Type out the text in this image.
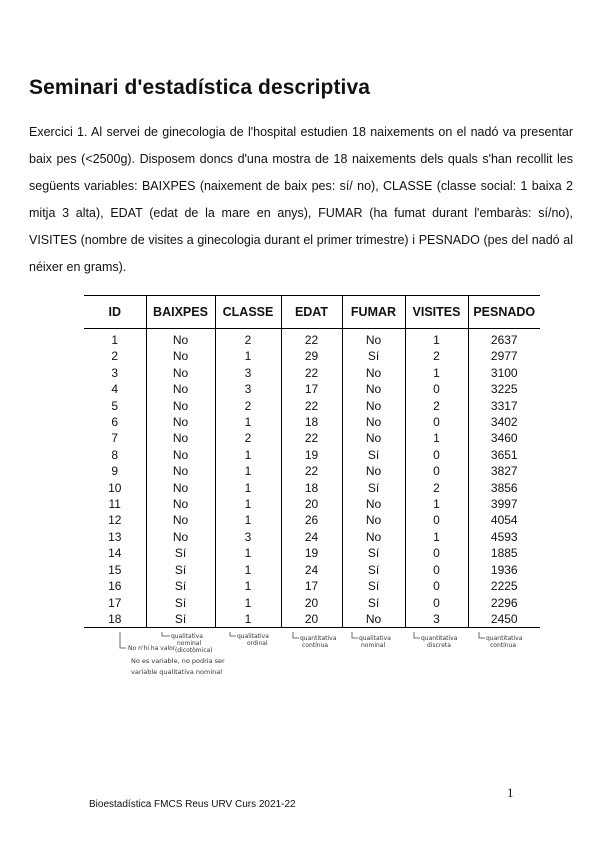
Seminari d'estadística descriptiva

Exercici 1. Al servei de ginecologia de l'hospital estudien 18 naixements on el nadó va presentar baix pes (<2500g). Disposem doncs d'una mostra de 18 naixements dels quals s'han recollit les següents variables: BAIXPES (naixement de baix pes: sí/ no), CLASSE (classe social: 1 baixa 2 mitja 3 alta), EDAT (edat de la mare en anys), FUMAR (ha fumat durant l'embaràs: sí/no), VISITES (nombre de visites a ginecologia durant el primer trimestre) i PESNADO (pes del nadó al néixer en grams).

ID	BAIXPES	CLASSE	EDAT	FUMAR	VISITES	PESNADO
1	No	2	22	No	1	2637
2	No	1	29	Sí	2	2977
3	No	3	22	No	1	3100
4	No	3	17	No	0	3225
5	No	2	22	No	2	3317
6	No	1	18	No	0	3402
7	No	2	22	No	1	3460
8	No	1	19	Sí	0	3651
9	No	1	22	No	0	3827
10	No	1	18	Sí	2	3856
11	No	1	20	No	1	3997
12	No	1	26	No	0	4054
13	No	3	24	No	1	4593
14	Sí	1	19	Sí	0	1885
15	Sí	1	24	Sí	0	1936
16	Sí	1	17	Sí	0	2225
17	Sí	1	20	Sí	0	2296
18	Sí	1	20	No	3	2450
No n'hi ha valor
qualitativa
nominal
(dicotòmica)
qualitativa
ordinal
quantitativa
contínua
qualitativa
nominal
quantitativa
discreta
quantitativa
contínua
No es variable, no podria ser
variable qualitativa nominal
1
Bioestadística FMCS Reus URV Curs 2021-22
